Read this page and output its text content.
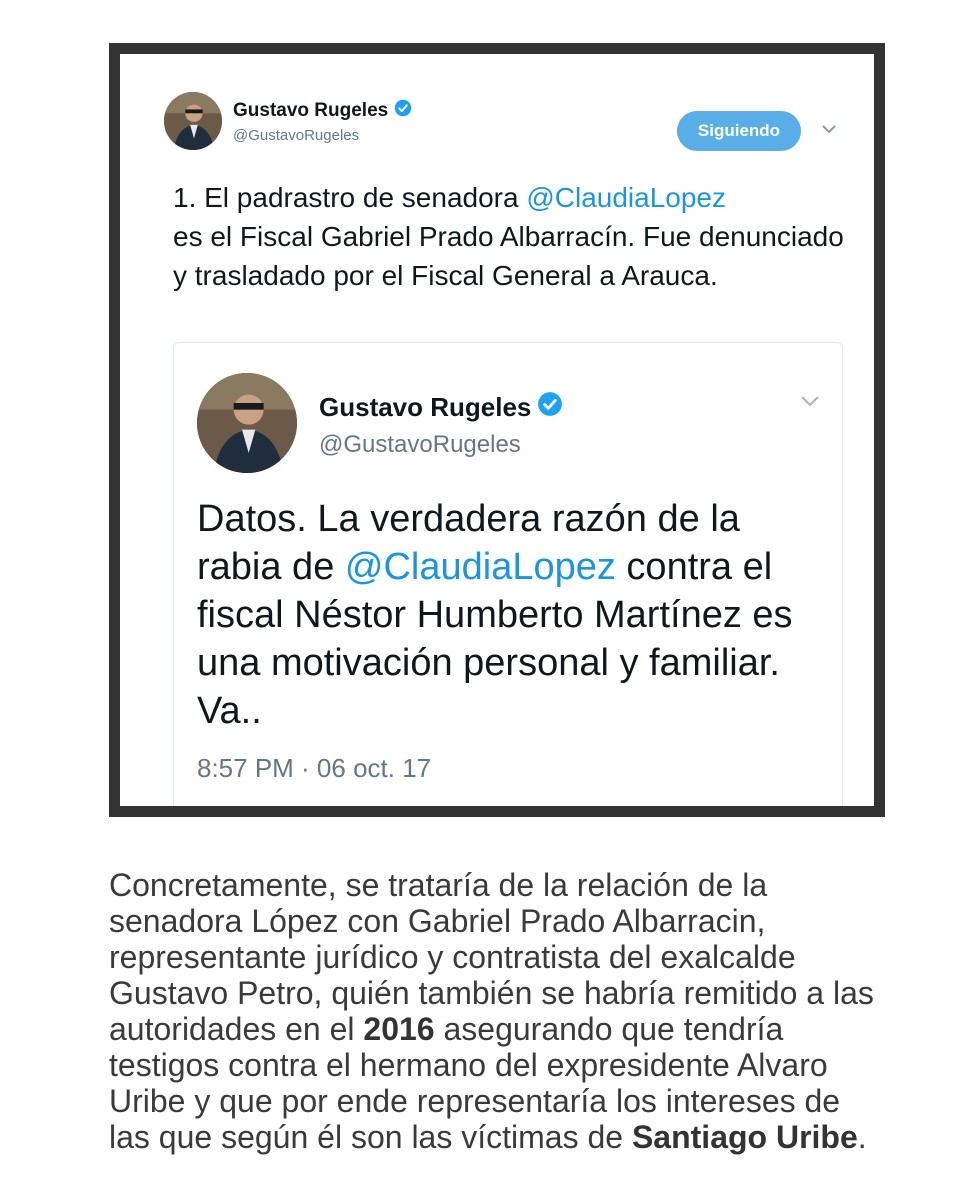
Gustavo Rugeles
@GustavoRugeles	Siguiendo
1. El padrastro de senadora @ClaudiaLopez
es el Fiscal Gabriel Prado Albarracín. Fue denunciado y trasladado por el Fiscal General a Arauca.
Gustavo Rugeles
@GustavoRugeles
Datos. La verdadera razón de la rabia de @ClaudiaLopez contra el fiscal Néstor Humberto Martínez es una motivación personal y familiar. Va..
8:57 PM · 06 oct. 17
Concretamente, se trataría de la relación de la senadora López con Gabriel Prado Albarracin, representante jurídico y contratista del exalcalde Gustavo Petro, quién también se habría remitido a las autoridades en el 2016 asegurando que tendría testigos contra el hermano del expresidente Alvaro Uribe y que por ende representaría los intereses de las que según él son las víctimas de Santiago Uribe.
